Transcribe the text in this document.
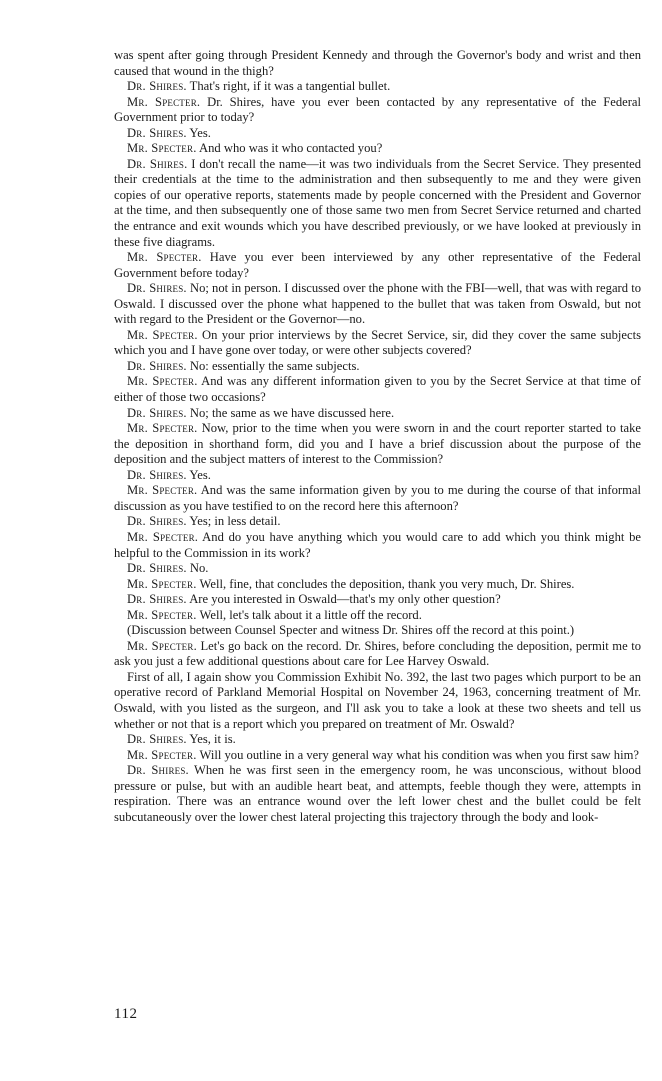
was spent after going through President Kennedy and through the Governor's body and wrist and then caused that wound in the thigh?

Dr. Shires. That's right, if it was a tangential bullet.

Mr. Specter. Dr. Shires, have you ever been contacted by any representative of the Federal Government prior to today?

Dr. Shires. Yes.

Mr. Specter. And who was it who contacted you?

Dr. Shires. I don't recall the name—it was two individuals from the Secret Service. They presented their credentials at the time to the administration and then subsequently to me and they were given copies of our operative reports, statements made by people concerned with the President and Governor at the time, and then subsequently one of those same two men from Secret Service returned and charted the entrance and exit wounds which you have described previously, or we have looked at previously in these five diagrams.

Mr. Specter. Have you ever been interviewed by any other representative of the Federal Government before today?

Dr. Shires. No; not in person. I discussed over the phone with the FBI—well, that was with regard to Oswald. I discussed over the phone what happened to the bullet that was taken from Oswald, but not with regard to the President or the Governor—no.

Mr. Specter. On your prior interviews by the Secret Service, sir, did they cover the same subjects which you and I have gone over today, or were other subjects covered?

Dr. Shires. No: essentially the same subjects.

Mr. Specter. And was any different information given to you by the Secret Service at that time of either of those two occasions?

Dr. Shires. No; the same as we have discussed here.

Mr. Specter. Now, prior to the time when you were sworn in and the court reporter started to take the deposition in shorthand form, did you and I have a brief discussion about the purpose of the deposition and the subject matters of interest to the Commission?

Dr. Shires. Yes.

Mr. Specter. And was the same information given by you to me during the course of that informal discussion as you have testified to on the record here this afternoon?

Dr. Shires. Yes; in less detail.

Mr. Specter. And do you have anything which you would care to add which you think might be helpful to the Commission in its work?

Dr. Shires. No.

Mr. Specter. Well, fine, that concludes the deposition, thank you very much, Dr. Shires.

Dr. Shires. Are you interested in Oswald—that's my only other question?

Mr. Specter. Well, let's talk about it a little off the record.

(Discussion between Counsel Specter and witness Dr. Shires off the record at this point.)

Mr. Specter. Let's go back on the record. Dr. Shires, before concluding the deposition, permit me to ask you just a few additional questions about care for Lee Harvey Oswald.

First of all, I again show you Commission Exhibit No. 392, the last two pages which purport to be an operative record of Parkland Memorial Hospital on November 24, 1963, concerning treatment of Mr. Oswald, with you listed as the surgeon, and I'll ask you to take a look at these two sheets and tell us whether or not that is a report which you prepared on treatment of Mr. Oswald?

Dr. Shires. Yes, it is.

Mr. Specter. Will you outline in a very general way what his condition was when you first saw him?

Dr. Shires. When he was first seen in the emergency room, he was unconscious, without blood pressure or pulse, but with an audible heart beat, and attempts, feeble though they were, attempts in respiration. There was an entrance wound over the left lower chest and the bullet could be felt subcutaneously over the lower chest lateral projecting this trajectory through the body and look-

112
